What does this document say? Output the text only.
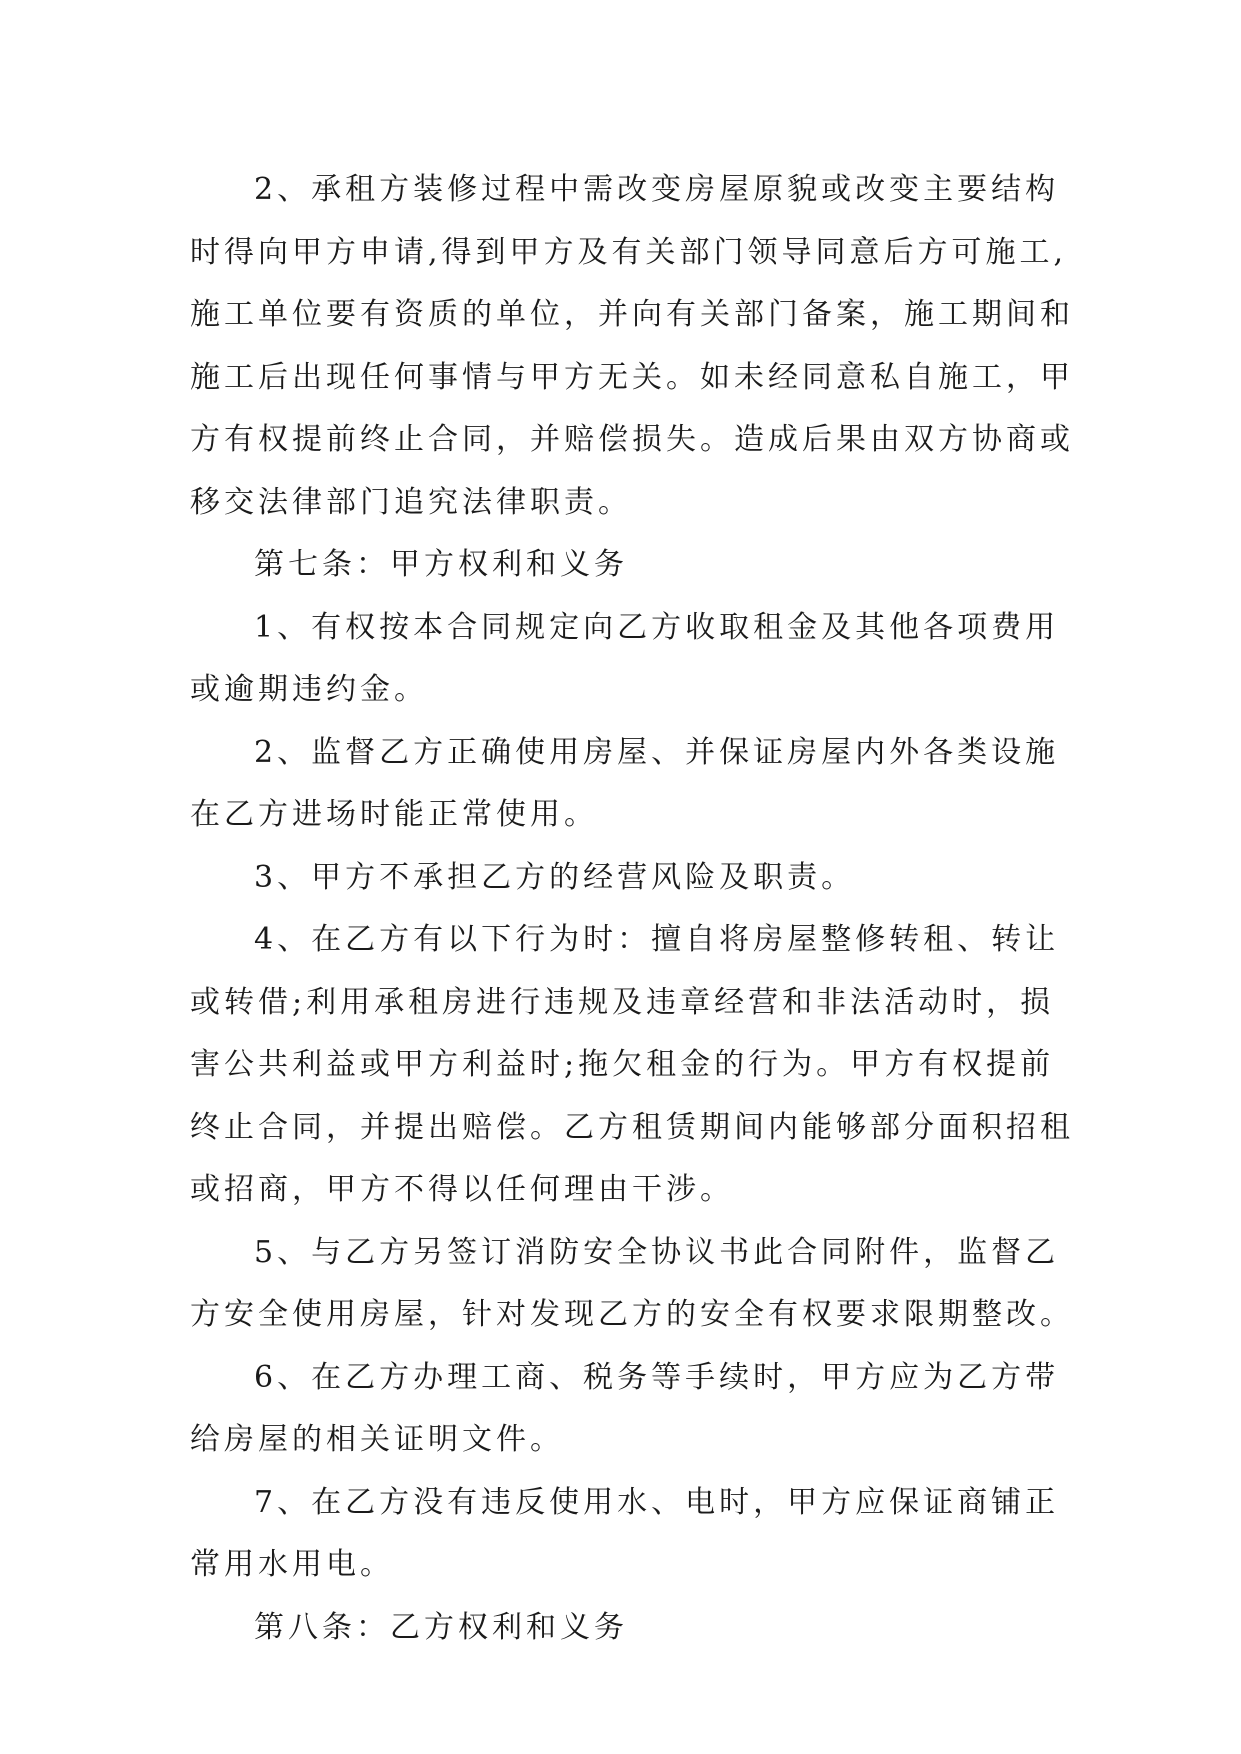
2、承租方装修过程中需改变房屋原貌或改变主要结构
时得向甲方申请,得到甲方及有关部门领导同意后方可施工,
施工单位要有资质的单位，并向有关部门备案，施工期间和
施工后出现任何事情与甲方无关。如未经同意私自施工，甲
方有权提前终止合同，并赔偿损失。造成后果由双方协商或
移交法律部门追究法律职责。
第七条：甲方权利和义务
1、有权按本合同规定向乙方收取租金及其他各项费用
或逾期违约金。
2、监督乙方正确使用房屋、并保证房屋内外各类设施
在乙方进场时能正常使用。
3、甲方不承担乙方的经营风险及职责。
4、在乙方有以下行为时：擅自将房屋整修转租、转让
或转借;利用承租房进行违规及违章经营和非法活动时，损
害公共利益或甲方利益时;拖欠租金的行为。甲方有权提前
终止合同，并提出赔偿。乙方租赁期间内能够部分面积招租
或招商，甲方不得以任何理由干涉。
5、与乙方另签订消防安全协议书此合同附件，监督乙
方安全使用房屋，针对发现乙方的安全有权要求限期整改。
6、在乙方办理工商、税务等手续时，甲方应为乙方带
给房屋的相关证明文件。
7、在乙方没有违反使用水、电时，甲方应保证商铺正
常用水用电。
第八条：乙方权利和义务
